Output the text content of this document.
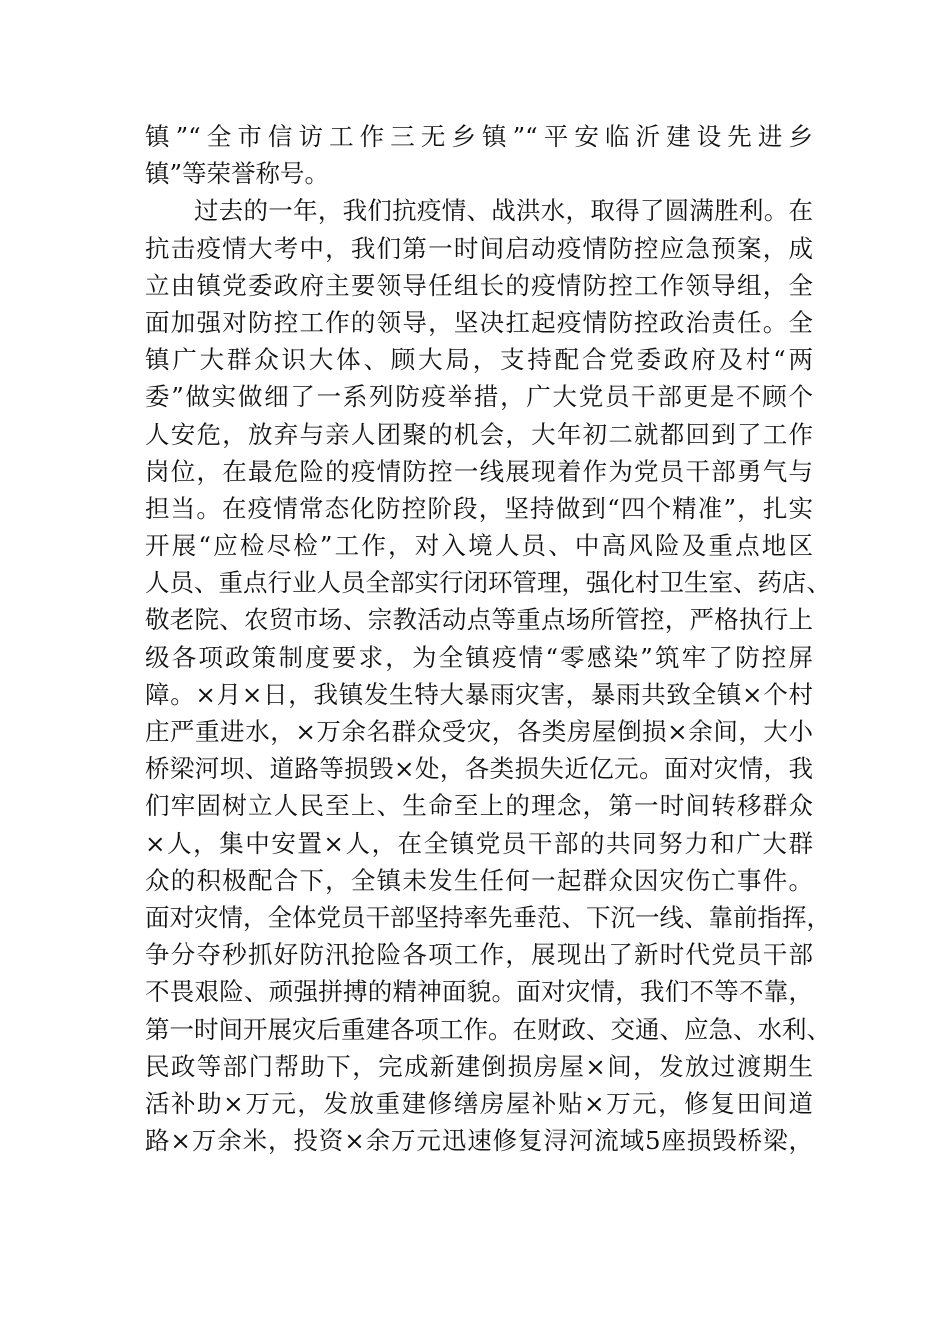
镇”“全市信访工作三无乡镇”“平安临沂建设先进乡
镇”等荣誉称号。
过去的一年，我们抗疫情、战洪水，取得了圆满胜利。在
抗击疫情大考中，我们第一时间启动疫情防控应急预案，成
立由镇党委政府主要领导任组长的疫情防控工作领导组，全
面加强对防控工作的领导，坚决扛起疫情防控政治责任。全
镇广大群众识大体、顾大局，支持配合党委政府及村“两
委”做实做细了一系列防疫举措，广大党员干部更是不顾个
人安危，放弃与亲人团聚的机会，大年初二就都回到了工作
岗位，在最危险的疫情防控一线展现着作为党员干部勇气与
担当。在疫情常态化防控阶段，坚持做到“四个精准”，扎实
开展“应检尽检”工作，对入境人员、中高风险及重点地区
人员、重点行业人员全部实行闭环管理，强化村卫生室、药店、
敬老院、农贸市场、宗教活动点等重点场所管控，严格执行上
级各项政策制度要求，为全镇疫情“零感染”筑牢了防控屏
障。×月×日，我镇发生特大暴雨灾害，暴雨共致全镇×个村
庄严重进水，×万余名群众受灾，各类房屋倒损×余间，大小
桥梁河坝、道路等损毁×处，各类损失近亿元。面对灾情，我
们牢固树立人民至上、生命至上的理念，第一时间转移群众
×人，集中安置×人，在全镇党员干部的共同努力和广大群
众的积极配合下，全镇未发生任何一起群众因灾伤亡事件。
面对灾情，全体党员干部坚持率先垂范、下沉一线、靠前指挥，
争分夺秒抓好防汛抢险各项工作，展现出了新时代党员干部
不畏艰险、顽强拼搏的精神面貌。面对灾情，我们不等不靠，
第一时间开展灾后重建各项工作。在财政、交通、应急、水利、
民政等部门帮助下，完成新建倒损房屋×间，发放过渡期生
活补助×万元，发放重建修缮房屋补贴×万元，修复田间道
路×万余米，投资×余万元迅速修复浔河流域5座损毁桥梁，
